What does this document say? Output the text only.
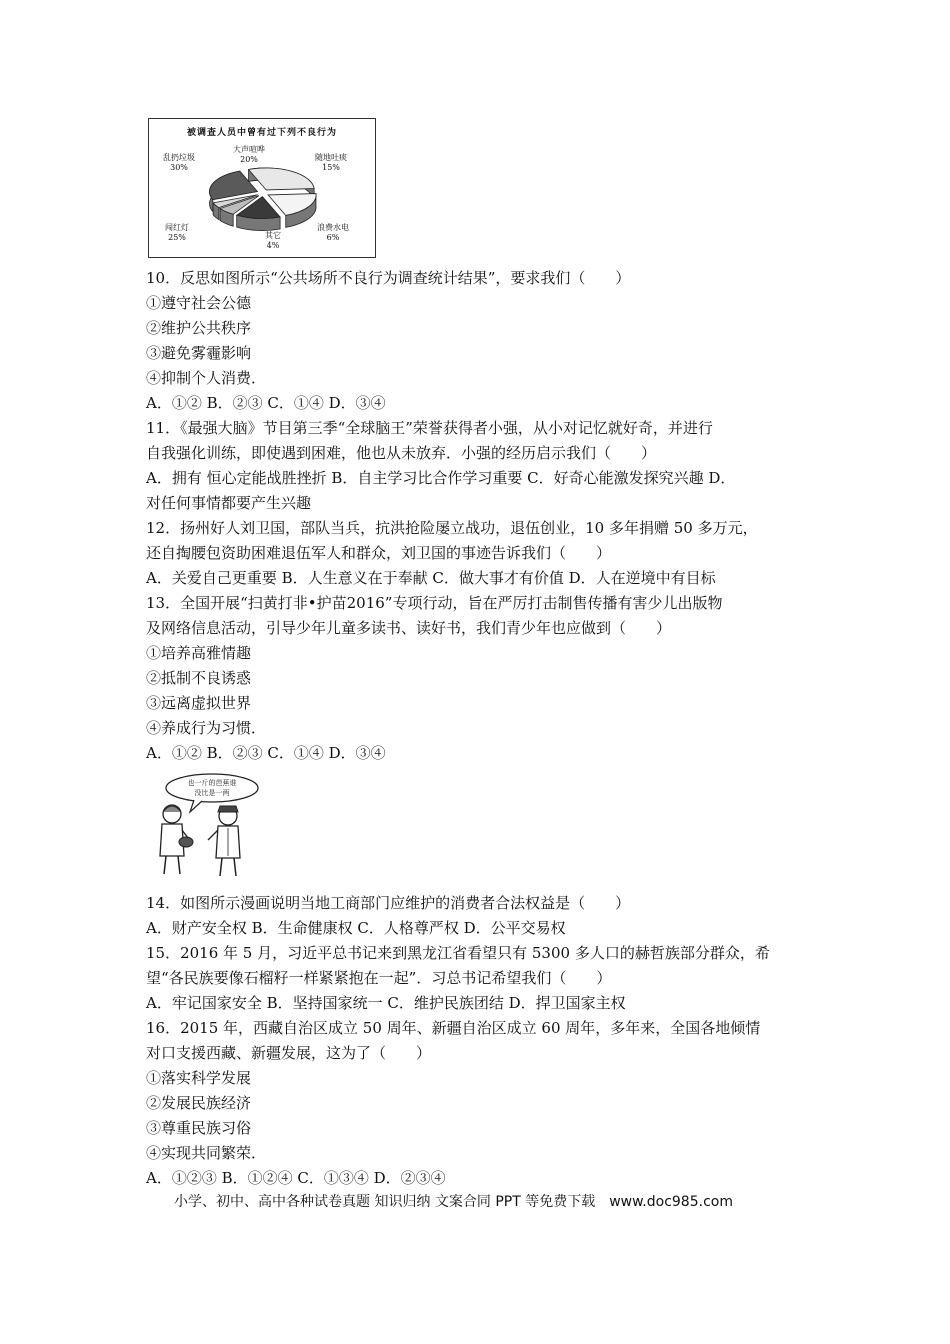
被调查人员中曾有过下列不良行为
乱扔垃圾
30%
大声喧哗
20%	随地吐痰
15%
浪费水电
6%
其它
4%
闯红灯
25%
也一斤的芭蕉谁
没比是一两
10．反思如图所示“公共场所不良行为调查统计结果”，要求我们（　　）
①遵守社会公德
②维护公共秩序
③避免雾霾影响
④抑制个人消费．
A．①② B．②③ C．①④ D．③④
11．《最强大脑》节目第三季“全球脑王”荣誉获得者小强，从小对记忆就好奇，并进行
自我强化训练，即使遇到困难，他也从未放弃．小强的经历启示我们（　　）
A．拥有 恒心定能战胜挫折 B．自主学习比合作学习重要 C．好奇心能激发探究兴趣 D．
对任何事情都要产生兴趣
12．扬州好人刘卫国，部队当兵，抗洪抢险屡立战功，退伍创业，10 多年捐赠 50 多万元，
还自掏腰包资助困难退伍军人和群众，刘卫国的事迹告诉我们（　　）
A．关爱自己更重要 B．人生意义在于奉献 C．做大事才有价值 D．人在逆境中有目标
13．全国开展“扫黄打非•护苗2016”专项行动，旨在严厉打击制售传播有害少儿出版物
及网络信息活动，引导少年儿童多读书、读好书，我们青少年也应做到（　　）
①培养高雅情趣
②抵制不良诱惑
③远离虚拟世界
④养成行为习惯．
A．①② B．②③ C．①④ D．③④
14．如图所示漫画说明当地工商部门应维护的消费者合法权益是（　　）
A．财产安全权 B．生命健康权 C．人格尊严权 D．公平交易权
15．2016 年 5 月，习近平总书记来到黑龙江省看望只有 5300 多人口的赫哲族部分群众，希
望“各民族要像石榴籽一样紧紧抱在一起”．习总书记希望我们（　　）
A．牢记国家安全 B．坚持国家统一 C．维护民族团结 D．捍卫国家主权
16．2015 年，西藏自治区成立 50 周年、新疆自治区成立 60 周年，多年来，全国各地倾情
对口支援西藏、新疆发展，这为了（　　）
①落实科学发展
②发展民族经济
③尊重民族习俗
④实现共同繁荣．
A．①②③ B．①②④ C．①③④ D．②③④
小学、初中、高中各种试卷真题 知识归纳 文案合同 PPT 等免费下载　www.doc985.com
